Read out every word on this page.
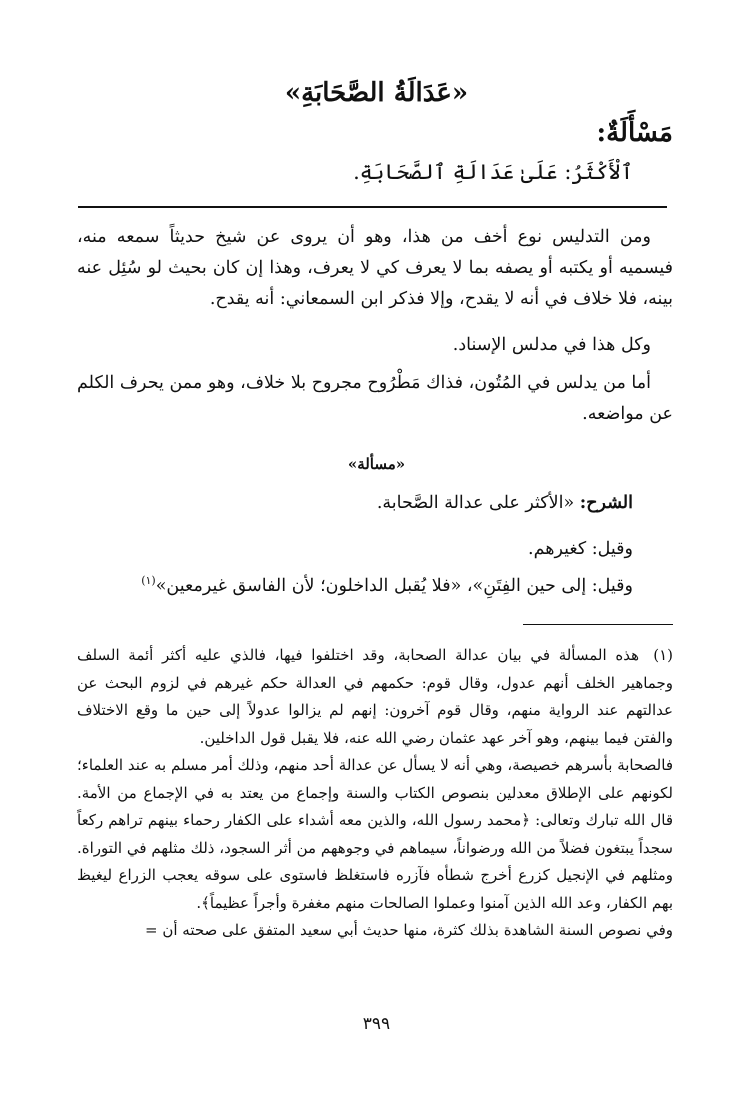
«عَدَالَةُ الصَّحَابَةِ»
مَسْأَلَةٌ:
ٱلْأَكْثَرُ: عَلَىٰ عَدَالَةِ ٱلصَّحَابَةِ.

ومن التدليس نوع أخف من هذا، وهو أن يروى عن شيخ حديثاً سمعه منه، فيسميه أو يكتبه أو يصفه بما لا يعرف كي لا يعرف، وهذا إن كان بحيث لو سُئِل عنه بينه، فلا خلاف في أنه لا يقدح، وإلا فذكر ابن السمعاني: أنه يقدح.

وكل هذا في مدلس الإسناد.

أما من يدلس في المُتُون، فذاك مَطْرُوح مجروح بلا خلاف، وهو ممن يحرف الكلم عن مواضعه.

«مسألة»
الشرح: «الأكثر على عدالة الصَّحابة.
وقيل: كغيرهم.
وقيل: إلى حين الفِتَنِ»، «فلا يُقبل الداخلون؛ لأن الفاسق غيرمعين»$^{(١)}$

(١)هذه المسألة في بيان عدالة الصحابة، وقد اختلفوا فيها، فالذي عليه أكثر أئمة السلف وجماهير الخلف أنهم عدول، وقال قوم: حكمهم في العدالة حكم غيرهم في لزوم البحث عن عدالتهم عند الرواية منهم، وقال قوم آخرون: إنهم لم يزالوا عدولاً إلى حين ما وقع الاختلاف والفتن فيما بينهم، وهو آخر عهد عثمان رضي الله عنه، فلا يقبل قول الداخلين.

فالصحابة بأسرهم خصيصة، وهي أنه لا يسأل عن عدالة أحد منهم، وذلك أمر مسلم به عند العلماء؛ لكونهم على الإطلاق معدلين بنصوص الكتاب والسنة وإجماع من يعتد به في الإجماع من الأمة. قال الله تبارك وتعالى: ﴿محمد رسول الله، والذين معه أشداء على الكفار رحماء بينهم تراهم ركعاً سجداً يبتغون فضلاً من الله ورضواناً، سيماهم في وجوههم من أثر السجود، ذلك مثلهم في التوراة. ومثلهم في الإنجيل كزرع أخرج شطأه فآزره فاستغلظ فاستوى على سوقه يعجب الزراع ليغيظ بهم الكفار، وعد الله الذين آمنوا وعملوا الصالحات منهم مغفرة وأجراً عظيماً﴾.

وفي نصوص السنة الشاهدة بذلك كثرة، منها حديث أبي سعيد المتفق على صحته أن =

٣٩٩
